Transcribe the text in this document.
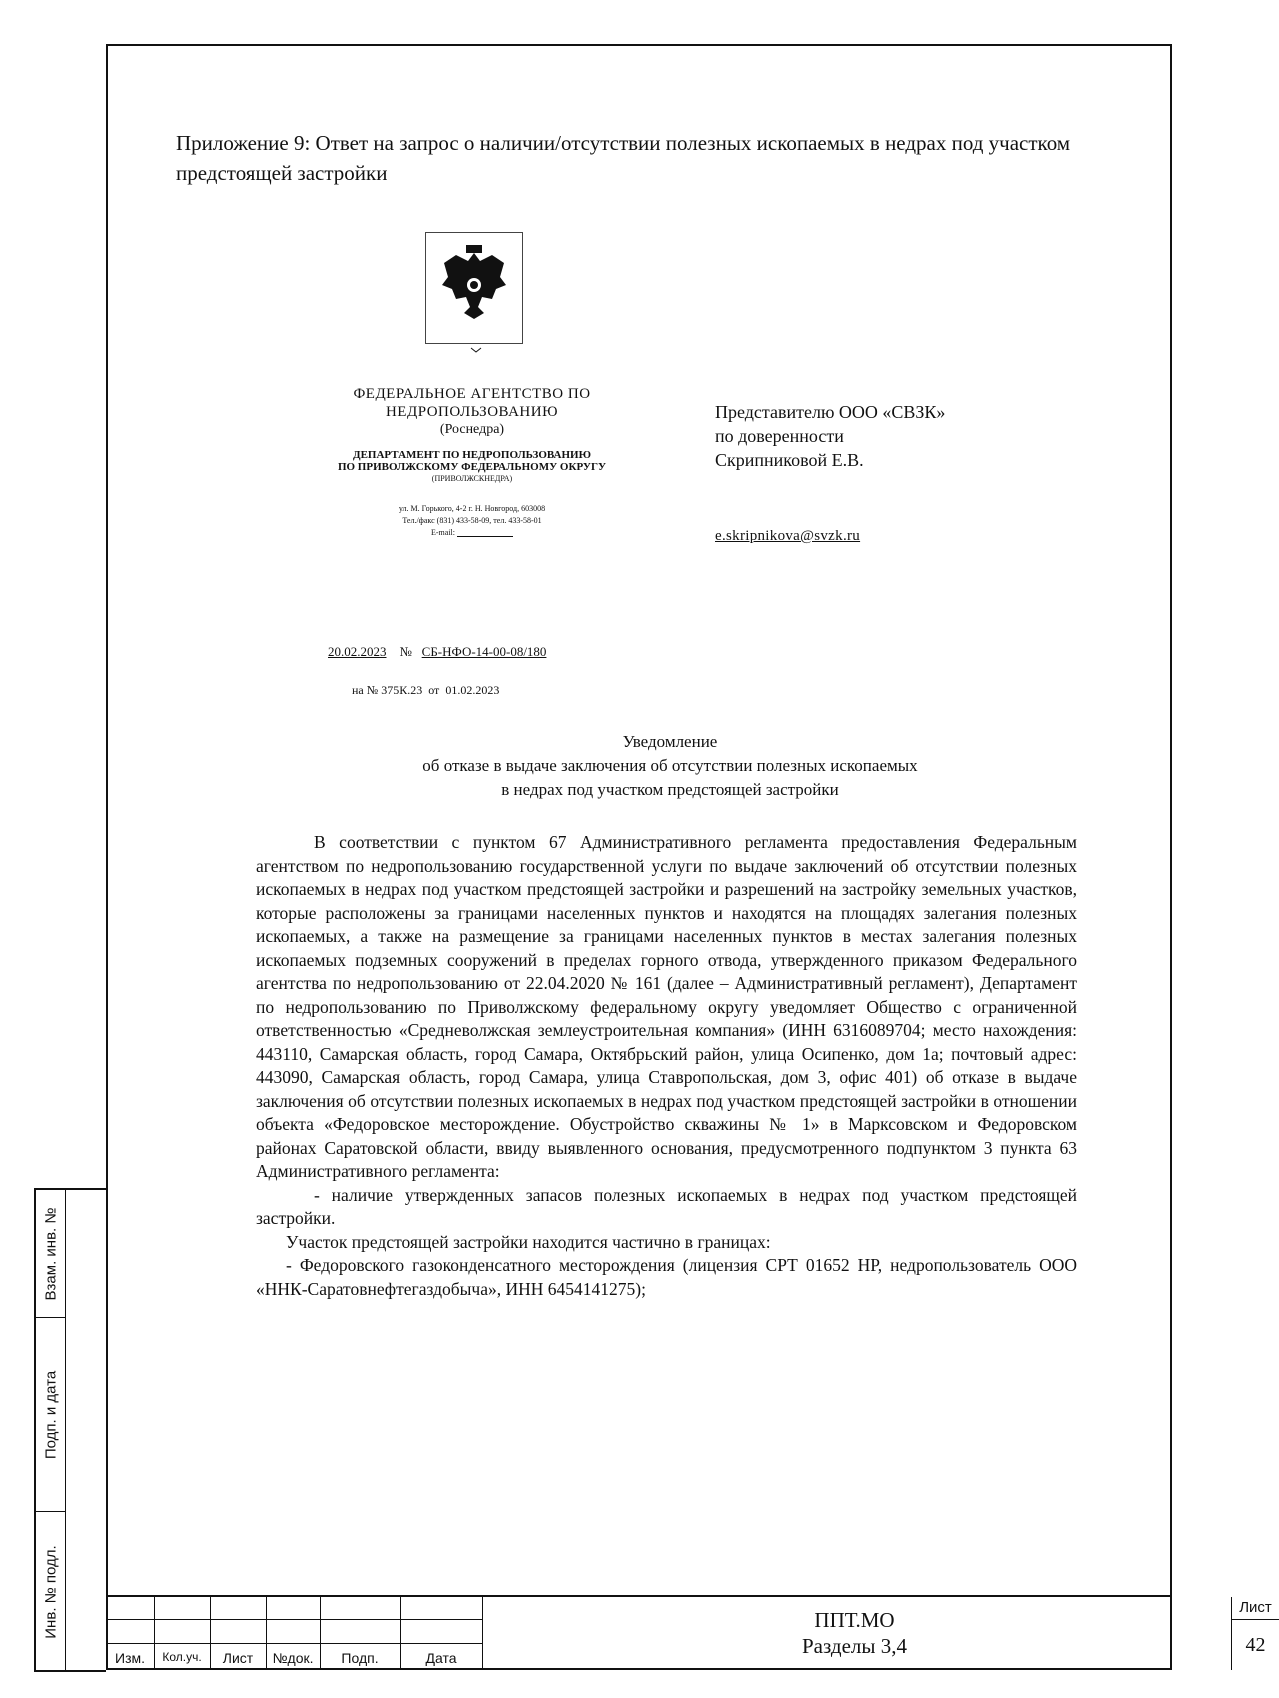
Взам. инв. №
Подп. и дата
Инв. № подл.
Приложение 9: Ответ на запрос о наличии/отсутствии полезных ископаемых в недрах под участком предстоящей застройки
ФЕДЕРАЛЬНОЕ АГЕНТСТВО ПО
НЕДРОПОЛЬЗОВАНИЮ
(Роснедра)
ДЕПАРТАМЕНТ ПО НЕДРОПОЛЬЗОВАНИЮ
ПО ПРИВОЛЖСКОМУ ФЕДЕРАЛЬНОМУ ОКРУГУ
(ПРИВОЛЖСКНЕДРА)
ул. М. Горького, 4-2 г. Н. Новгород, 603008
Тел./факс (831) 433-58-09, тел. 433-58-01
E-mail:
Представителю ООО «СВЗК»
по доверенности
Скрипниковой Е.В.
e.skripnikova@svzk.ru
20.02.2023 № СБ-НФО-14-00-08/180
на № 375К.23 от 01.02.2023
Уведомление
об отказе в выдаче заключения об отсутствии полезных ископаемых
в недрах под участком предстоящей застройки

В соответствии с пунктом 67 Административного регламента предоставления Федеральным агентством по недропользованию государственной услуги по выдаче заключений об отсутствии полезных ископаемых в недрах под участком предстоящей застройки и разрешений на застройку земельных участков, которые расположены за границами населенных пунктов и находятся на площадях залегания полезных ископаемых, а также на размещение за границами населенных пунктов в местах залегания полезных ископаемых подземных сооружений в пределах горного отвода, утвержденного приказом Федерального агентства по недропользованию от 22.04.2020 № 161 (далее – Административный регламент), Департамент по недропользованию по Приволжскому федеральному округу уведомляет Общество с ограниченной ответственностью «Средневолжская землеустроительная компания» (ИНН 6316089704; место нахождения: 443110, Самарская область, город Самара, Октябрьский район, улица Осипенко, дом 1а; почтовый адрес: 443090, Самарская область, город Самара, улица Ставропольская, дом 3, офис 401) об отказе в выдаче заключения об отсутствии полезных ископаемых в недрах под участком предстоящей застройки в отношении объекта «Федоровское месторождение. Обустройство скважины № 1» в Марксовском и Федоровском районах Саратовской области, ввиду выявленного основания, предусмотренного подпунктом 3 пункта 63 Административного регламента:

- наличие утвержденных запасов полезных ископаемых в недрах под участком предстоящей застройки.

Участок предстоящей застройки находится частично в границах:

- Федоровского газоконденсатного месторождения (лицензия СРТ 01652 НР, недропользователь ООО «ННК-Саратовнефтегаздобыча», ИНН 6454141275);

Изм.	Кол.уч.	Лист	№док.	Подп.	Дата
ППТ.МО
Разделы 3,4
Лист
42
